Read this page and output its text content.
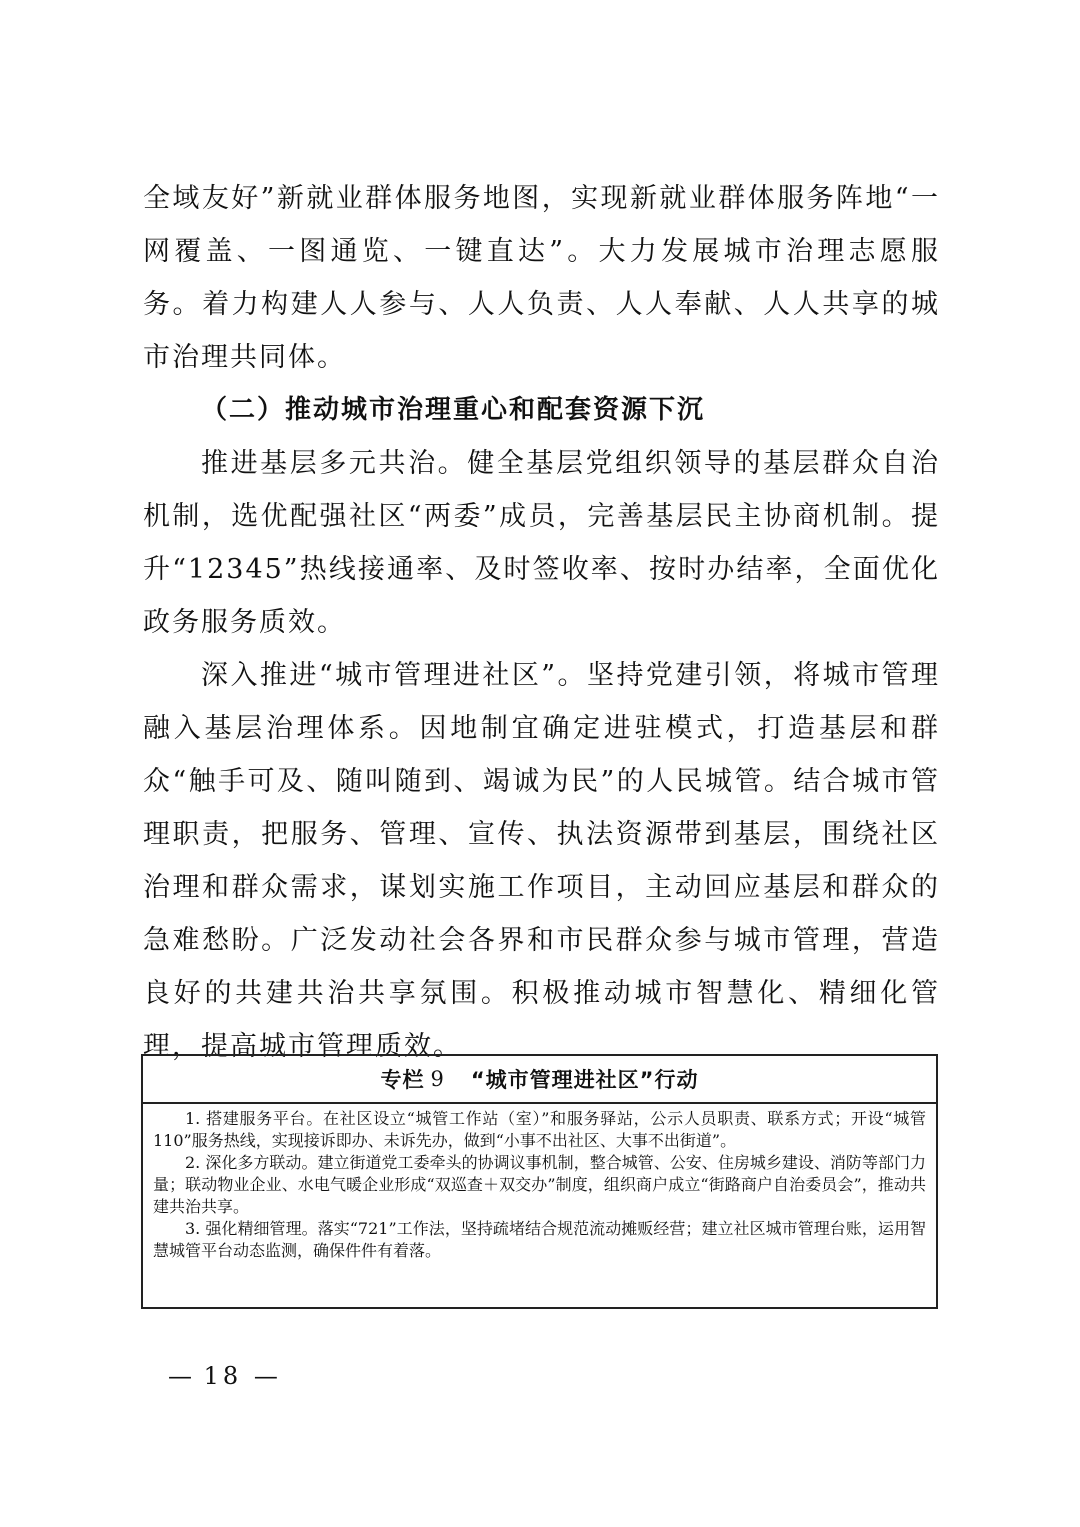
全域友好”新就业群体服务地图，实现新就业群体服务阵地“一网覆盖、一图通览、一键直达”。大力发展城市治理志愿服务。着力构建人人参与、人人负责、人人奉献、人人共享的城市治理共同体。

（二）推动城市治理重心和配套资源下沉

推进基层多元共治。健全基层党组织领导的基层群众自治机制，选优配强社区“两委”成员，完善基层民主协商机制。提升“12345”热线接通率、及时签收率、按时办结率，全面优化政务服务质效。

深入推进“城市管理进社区”。坚持党建引领，将城市管理融入基层治理体系。因地制宜确定进驻模式，打造基层和群众“触手可及、随叫随到、竭诚为民”的人民城管。结合城市管理职责，把服务、管理、宣传、执法资源带到基层，围绕社区治理和群众需求，谋划实施工作项目，主动回应基层和群众的急难愁盼。广泛发动社会各界和市民群众参与城市管理，营造良好的共建共治共享氛围。积极推动城市智慧化、精细化管理，提高城市管理质效。

专栏 9 “城市管理进社区”行动

1. 搭建服务平台。在社区设立“城管工作站（室）”和服务驿站，公示人员职责、联系方式；开设“城管 110”服务热线，实现接诉即办、未诉先办，做到“小事不出社区、大事不出街道”。

2. 深化多方联动。建立街道党工委牵头的协调议事机制，整合城管、公安、住房城乡建设、消防等部门力量；联动物业企业、水电气暖企业形成“双巡查＋双交办”制度，组织商户成立“街路商户自治委员会”，推动共建共治共享。

3. 强化精细管理。落实“721”工作法，坚持疏堵结合规范流动摊贩经营；建立社区城市管理台账，运用智慧城管平台动态监测，确保件件有着落。

— 18 —
